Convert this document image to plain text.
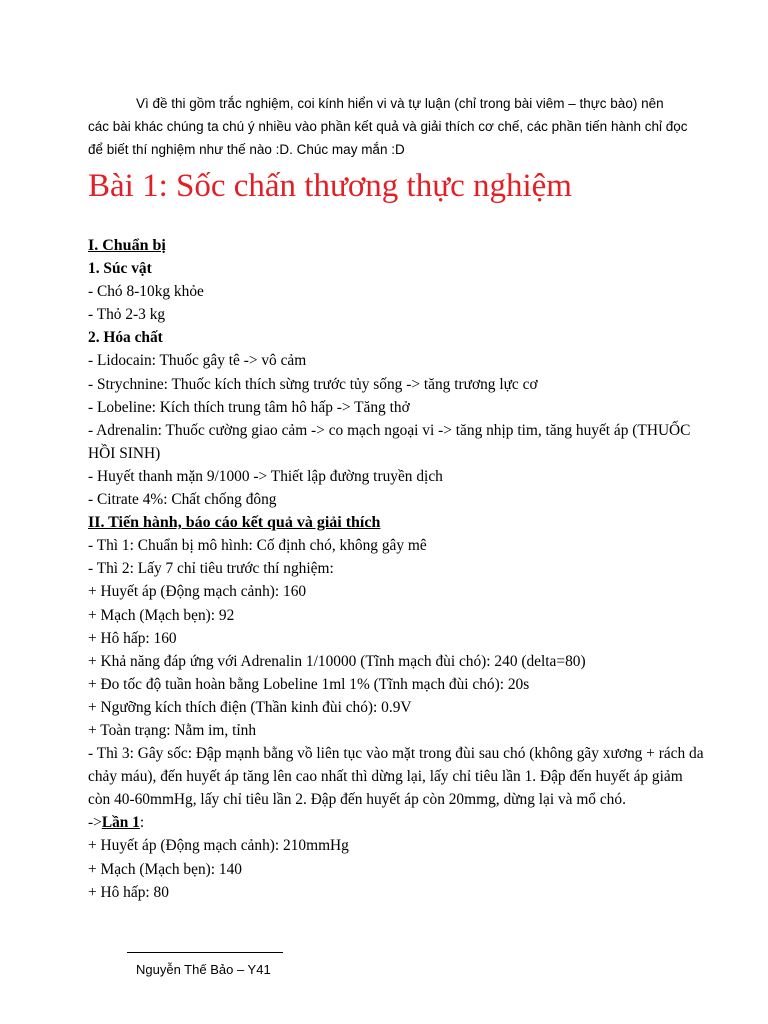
Vì đề thi gồm trắc nghiệm, coi kính hiển vi và tự luận (chỉ trong bài viêm – thực bào) nên các bài khác chúng ta chú ý nhiều vào phần kết quả và giải thích cơ chế, các phần tiến hành chỉ đọc để biết thí nghiệm như thế nào :D. Chúc may mắn :D
Bài 1: Sốc chấn thương thực nghiệm
I. Chuẩn bị
1. Súc vật
- Chó 8-10kg khỏe
- Thỏ 2-3 kg
2. Hóa chất
- Lidocain: Thuốc gây tê -> vô cảm
- Strychnine: Thuốc kích thích sừng trước tủy sống -> tăng trương lực cơ
- Lobeline: Kích thích trung tâm hô hấp -> Tăng thở
- Adrenalin: Thuốc cường giao cảm -> co mạch ngoại vi -> tăng nhịp tim, tăng huyết áp (THUỐC HỒI SINH)
- Huyết thanh mặn 9/1000 -> Thiết lập đường truyền dịch
- Citrate 4%: Chất chống đông
II. Tiến hành, báo cáo kết quả và giải thích
- Thì 1: Chuẩn bị mô hình: Cố định chó, không gây mê
- Thì 2: Lấy 7 chỉ tiêu trước thí nghiệm:
+ Huyết áp (Động mạch cảnh): 160
+ Mạch (Mạch bẹn): 92
+ Hô hấp: 160
+ Khả năng đáp ứng với Adrenalin 1/10000 (Tĩnh mạch đùi chó): 240 (delta=80)
+ Đo tốc độ tuần hoàn bằng Lobeline 1ml 1% (Tĩnh mạch đùi chó): 20s
+ Ngưỡng kích thích điện (Thần kinh đùi chó): 0.9V
+ Toàn trạng: Nằm im, tỉnh
- Thì 3: Gây sốc: Đập mạnh bằng vồ liên tục vào mặt trong đùi sau chó (không gãy xương + rách da chảy máu), đến huyết áp tăng lên cao nhất thì dừng lại, lấy chỉ tiêu lần 1. Đập đến huyết áp giảm còn 40-60mmHg, lấy chỉ tiêu lần 2. Đập đến huyết áp còn 20mmg, dừng lại và mổ chó.
->Lần 1:
+ Huyết áp (Động mạch cảnh): 210mmHg
+ Mạch (Mạch bẹn): 140
+ Hô hấp: 80
Nguyễn Thế Bảo – Y41
